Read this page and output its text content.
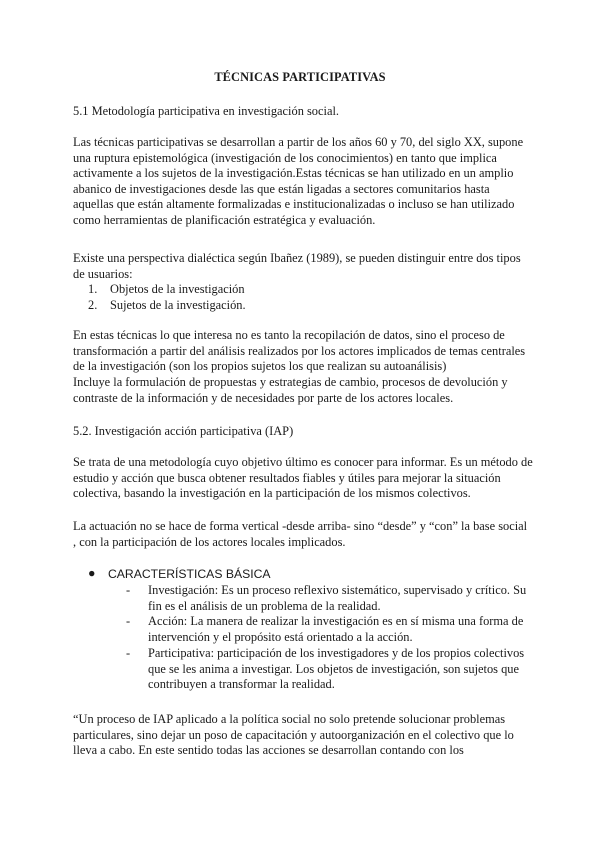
TÉCNICAS PARTICIPATIVAS

5.1 Metodología participativa en investigación social.

Las técnicas participativas se desarrollan a partir de los años 60 y 70, del siglo XX, supone una ruptura epistemológica (investigación de los conocimientos) en tanto que implica activamente a los sujetos de la investigación.Estas técnicas se han utilizado en un amplio abanico de investigaciones desde las que están ligadas a sectores comunitarios hasta aquellas que están altamente formalizadas e institucionalizadas o incluso se han utilizado como herramientas de planificación estratégica y evaluación.

Existe una perspectiva dialéctica según Ibañez (1989), se pueden distinguir entre dos tipos de usuarios:

1. Objetos de la investigación
2. Sujetos de la investigación.

En estas técnicas lo que interesa no es tanto la recopilación de datos, sino el proceso de transformación a partir del análisis realizados por los actores implicados de temas centrales de la investigación (son los propios sujetos los que realizan su autoanálisis)

Incluye la formulación de propuestas y estrategias de cambio, procesos de devolución y contraste de la información y de necesidades por parte de los actores locales.

5.2. Investigación acción participativa (IAP)

Se trata de una metodología cuyo objetivo último es conocer para informar. Es un método de estudio y acción que busca obtener resultados fiables y útiles para mejorar la situación colectiva, basando la investigación en la participación de los mismos colectivos.

La actuación no se hace de forma vertical -desde arriba- sino “desde” y “con” la base social , con la participación de los actores locales implicados.

● CARACTERÍSTICAS BÁSICA

-	Investigación: Es un proceso reflexivo sistemático, supervisado y crítico. Su fin es el análisis de un problema de la realidad.

-	Acción: La manera de realizar la investigación es en sí misma una forma de intervención y el propósito está orientado a la acción.

-	Participativa: participación de los investigadores y de los propios colectivos que se les anima a investigar. Los objetos de investigación, son sujetos que contribuyen a transformar la realidad.

“Un proceso de IAP aplicado a la política social no solo pretende solucionar problemas particulares, sino dejar un poso de capacitación y autoorganización en el colectivo que lo lleva a cabo. En este sentido todas las acciones se desarrollan contando con los
